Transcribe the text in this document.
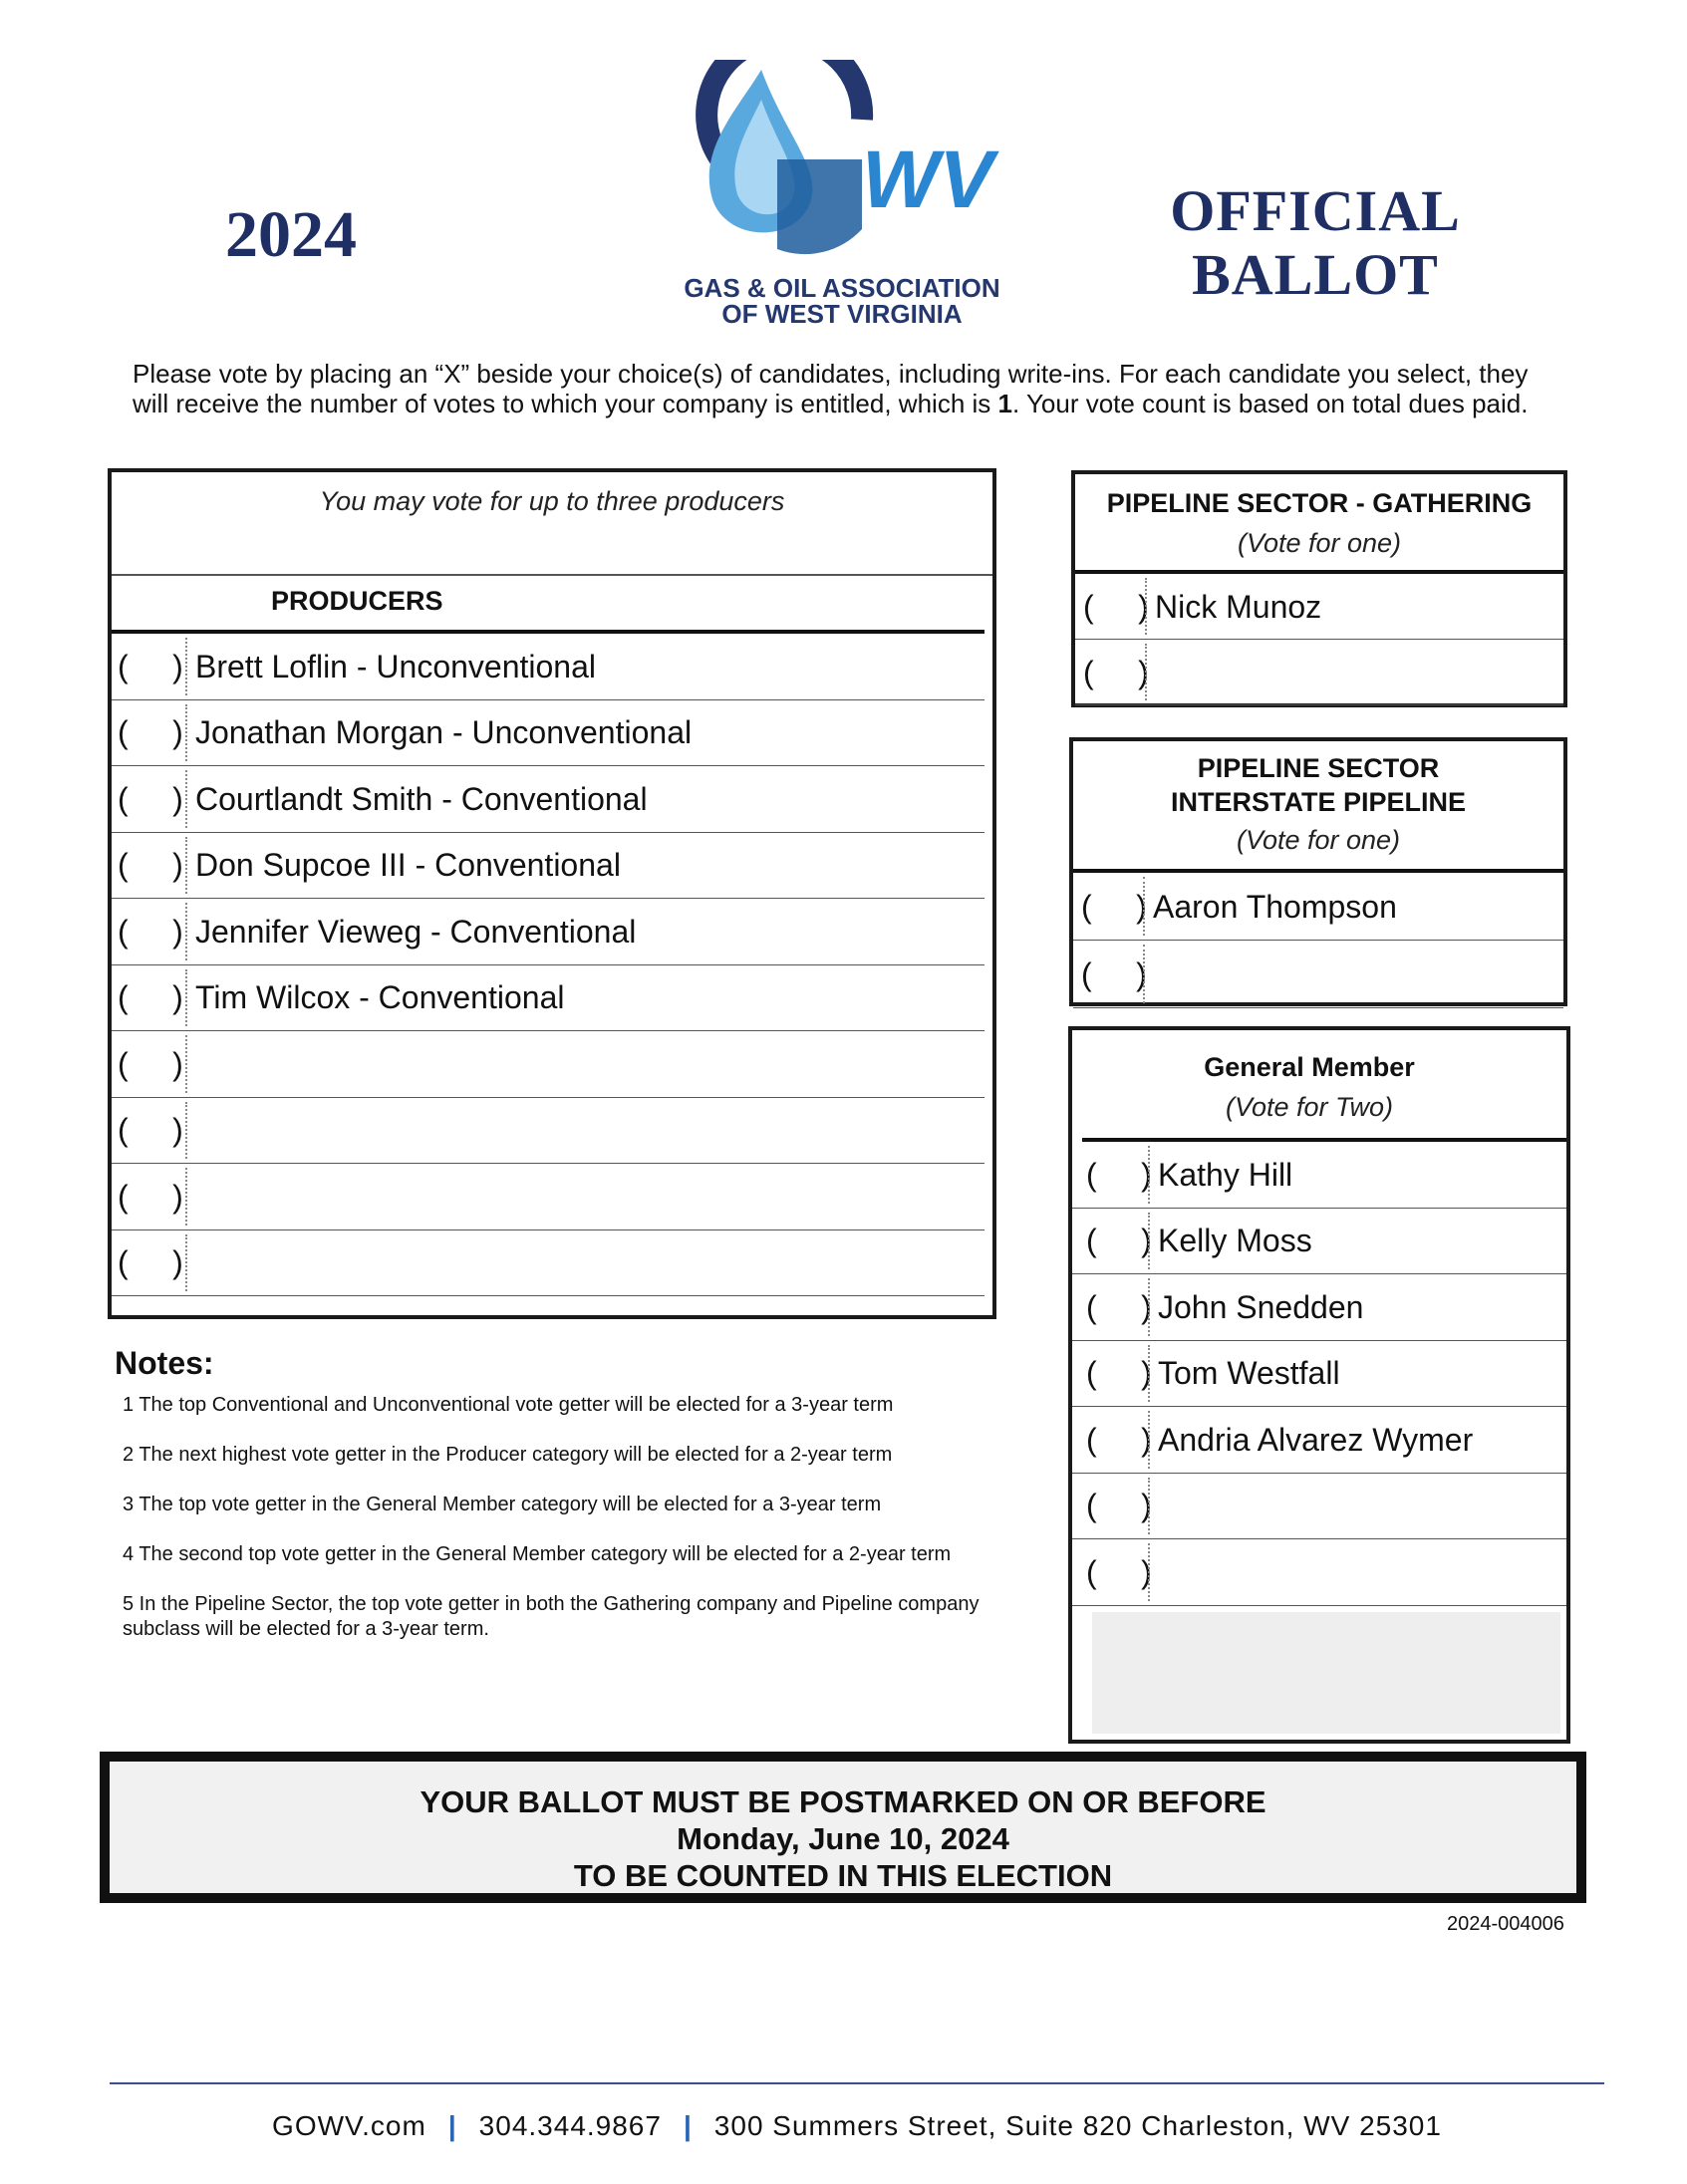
2024
WV
GAS & OIL ASSOCIATION
OF WEST VIRGINIA
OFFICIAL
BALLOT
Please vote by placing an “X” beside your choice(s) of candidates, including write-ins. For each candidate you select, they will receive the number of votes to which your company is entitled, which is 1. Your vote count is based on total dues paid.
You may vote for up to three producers
PRODUCERS
(     ) Brett Loflin - Unconventional
(     ) Jonathan Morgan - Unconventional
(     ) Courtlandt Smith - Conventional
(     ) Don Supcoe III - Conventional
(     ) Jennifer Vieweg - Conventional
(     ) Tim Wilcox - Conventional
(     )
(     )
(     )
(     )
PIPELINE SECTOR - GATHERING
(Vote for one)
(     ) Nick Munoz
(     )
PIPELINE SECTOR
INTERSTATE PIPELINE
(Vote for one)
(     ) Aaron Thompson
(     )
General Member
(Vote for Two)
(     ) Kathy Hill
(     ) Kelly Moss
(     ) John Snedden
(     ) Tom Westfall
(     ) Andria Alvarez Wymer
(     )
(     )
Notes:
1 The top Conventional and Unconventional vote getter will be elected for a 3-year term
2 The next highest vote getter in the Producer category will be elected for a 2-year term
3 The top vote getter in the General Member category will be elected for a 3-year term
4 The second top vote getter in the General Member category will be elected for a 2-year term
5 In the Pipeline Sector, the top vote getter in both the Gathering company and Pipeline company subclass will be elected for a 3-year term.
YOUR BALLOT MUST BE POSTMARKED ON OR BEFORE
Monday, June 10, 2024
TO BE COUNTED IN THIS ELECTION
2024-004006
GOWV.com | 304.344.9867 | 300 Summers Street, Suite 820 Charleston, WV 25301
